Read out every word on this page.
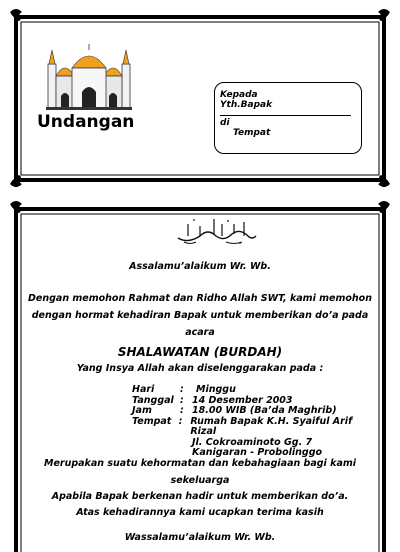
Undangan
Kepada
Yth.Bapak
di
Tempat
Assalamu’alaikum Wr. Wb.
Dengan memohon Rahmat dan Ridho Allah SWT, kami memohon
dengan hormat kehadiran Bapak untuk memberikan do’a pada
acara
SHALAWATAN (BURDAH)
Yang Insya Allah akan diselenggarakan pada :
Hari	:	Minggu
Tanggal : 14 Desember 2003
Jam	: 18.00 WIB (Ba’da Maghrib)
Tempat : Rumah Bapak K.H. Syaiful Arif Rizal
Jl. Cokroaminoto Gg. 7
Kanigaran - Probolinggo
Merupakan suatu kehormatan dan kebahagiaan bagi kami
sekeluarga
Apabila Bapak berkenan hadir untuk memberikan do’a.
Atas kehadirannya kami ucapkan terima kasih
Wassalamu’alaikum Wr. Wb.
